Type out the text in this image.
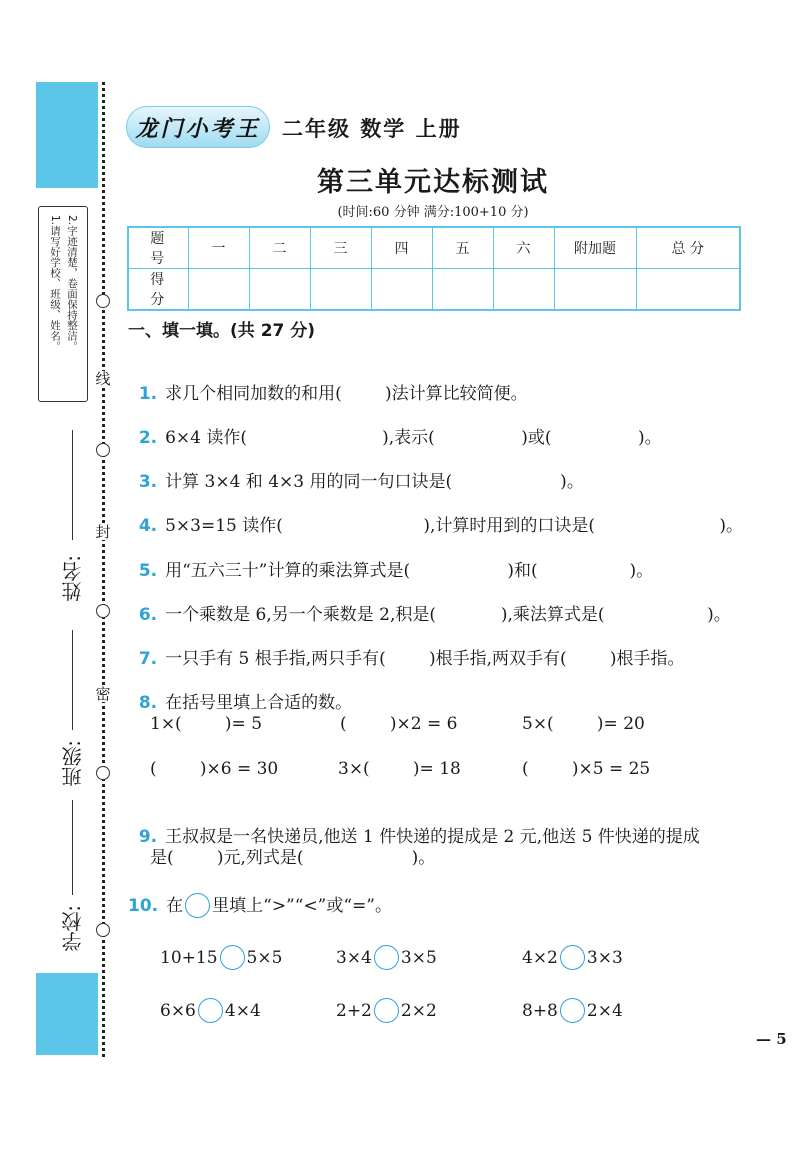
线
封
密
1.请写好学校、班级、姓名。 2.字迹清楚，卷面保持整洁。
姓名:
班级:
学校:
龙门小考王 二年级 数学 上册
第三单元达标测试
(时间:60 分钟 满分:100+10 分)
题号	一	二	三	四	五	六	附加题	总 分
得分								
一、填一填。(共 27 分)

1. 求几个相同加数的和用(        )法计算比较简便。

2. 6×4 读作(                         ),表示(                )或(                )。

3. 计算 3×4 和 4×3 用的同一句口诀是(                    )。

4. 5×3=15 读作(                          ),计算时用到的口诀是(                       )。

5. 用“五六三十”计算的乘法算式是(                  )和(                 )。

6. 一个乘数是 6,另一个乘数是 2,积是(            ),乘法算式是(                   )。

7. 一只手有 5 根手指,两只手有(        )根手指,两双手有(        )根手指。

8. 在括号里填上合适的数。

1×(        )= 5	(        )×2 = 6	5×(        )= 20
(        )×6 = 30	3×(        )= 18	(        )×5 = 25

9. 王叔叔是一名快递员,他送 1 件快递的提成是 2 元,他送 5 件快递的提成

是(        )元,列式是(                    )。
10. 在 里填上“>”“<”或“=”。
10+15 5×5	3×4 3×5	4×2 3×3
6×6 4×4	2+2 2×2	8+8 2×4
— 5
